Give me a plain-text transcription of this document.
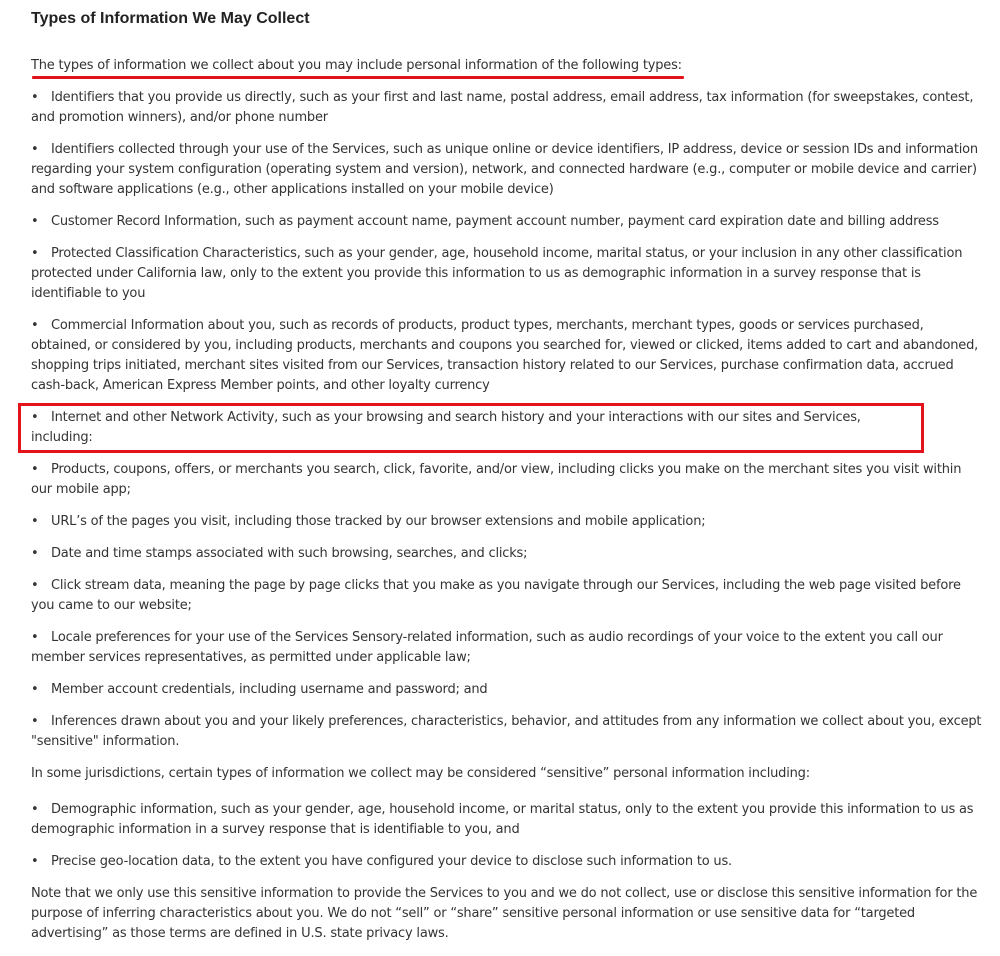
Types of Information We May Collect
The types of information we collect about you may include personal information of the following types:
• Identifiers that you provide us directly, such as your first and last name, postal address, email address, tax information (for sweepstakes, contest, and promotion winners), and/or phone number
• Identifiers collected through your use of the Services, such as unique online or device identifiers, IP address, device or session IDs and information regarding your system configuration (operating system and version), network, and connected hardware (e.g., computer or mobile device and carrier) and software applications (e.g., other applications installed on your mobile device)
• Customer Record Information, such as payment account name, payment account number, payment card expiration date and billing address
• Protected Classification Characteristics, such as your gender, age, household income, marital status, or your inclusion in any other classification protected under California law, only to the extent you provide this information to us as demographic information in a survey response that is identifiable to you
• Commercial Information about you, such as records of products, product types, merchants, merchant types, goods or services purchased, obtained, or considered by you, including products, merchants and coupons you searched for, viewed or clicked, items added to cart and abandoned, shopping trips initiated, merchant sites visited from our Services, transaction history related to our Services, purchase confirmation data, accrued cash-back, American Express Member points, and other loyalty currency
• Internet and other Network Activity, such as your browsing and search history and your interactions with our sites and Services, including:
• Products, coupons, offers, or merchants you search, click, favorite, and/or view, including clicks you make on the merchant sites you visit within our mobile app;
• URL’s of the pages you visit, including those tracked by our browser extensions and mobile application;
• Date and time stamps associated with such browsing, searches, and clicks;
• Click stream data, meaning the page by page clicks that you make as you navigate through our Services, including the web page visited before you came to our website;
• Locale preferences for your use of the Services Sensory-related information, such as audio recordings of your voice to the extent you call our member services representatives, as permitted under applicable law;
• Member account credentials, including username and password; and
• Inferences drawn about you and your likely preferences, characteristics, behavior, and attitudes from any information we collect about you, except "sensitive" information.

In some jurisdictions, certain types of information we collect may be considered “sensitive” personal information including:

• Demographic information, such as your gender, age, household income, or marital status, only to the extent you provide this information to us as demographic information in a survey response that is identifiable to you, and
• Precise geo-location data, to the extent you have configured your device to disclose such information to us.

Note that we only use this sensitive information to provide the Services to you and we do not collect, use or disclose this sensitive information for the purpose of inferring characteristics about you. We do not “sell” or “share” sensitive personal information or use sensitive data for “targeted advertising” as those terms are defined in U.S. state privacy laws.
